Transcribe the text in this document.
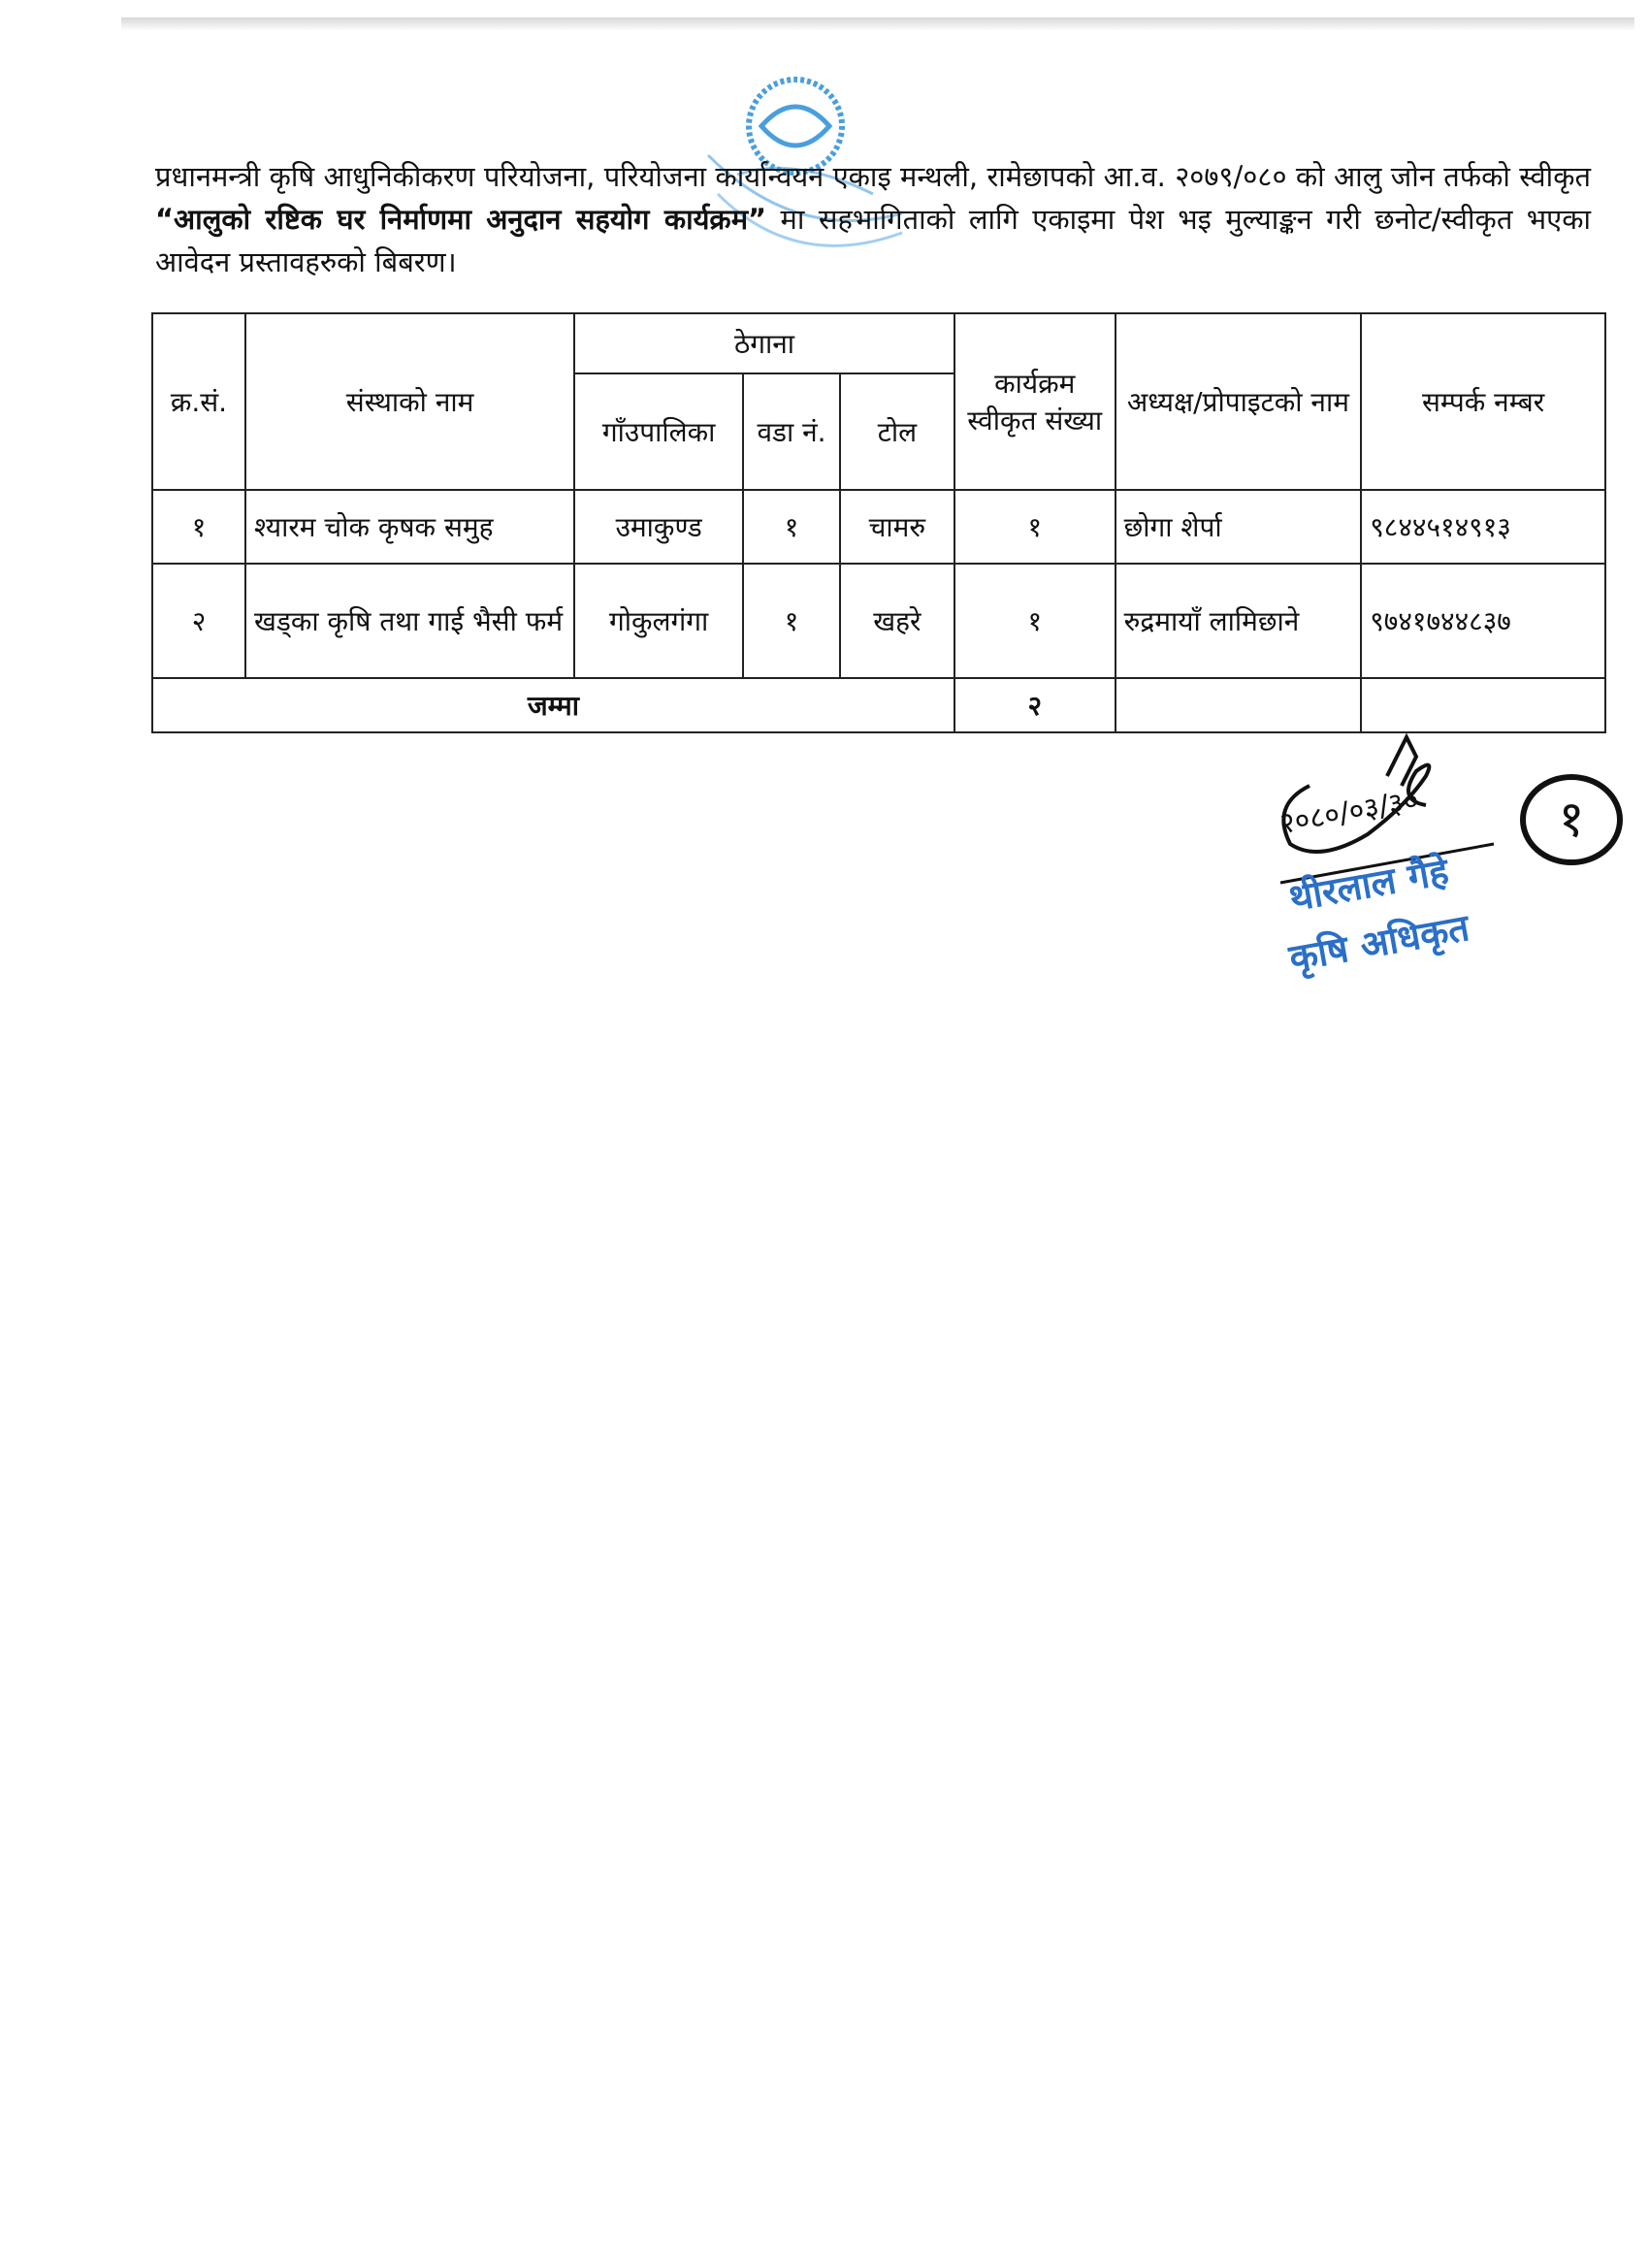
प्रधानमन्त्री कृषि आधुनिकीकरण परियोजना, परियोजना कार्यान्वयन एकाइ मन्थली, रामेछापको आ.व. २०७९/०८० को आलु जोन तर्फको स्वीकृत “आलुको रष्टिक घर निर्माणमा अनुदान सहयोग कार्यक्रम” मा सहभागिताको लागि एकाइमा पेश भइ मुल्याङ्कन गरी छनोट/स्वीकृत भएका आवेदन प्रस्तावहरुको बिबरण।
क्र.सं.	संस्थाको नाम	ठेगाना			कार्यक्रम स्वीकृत संख्या	अध्यक्ष/प्रोपाइटको नाम	सम्पर्क नम्बर
		गाँउपालिका	वडा नं.	टोल			
१	श्यारम चोक कृषक समुह	उमाकुण्ड	१	चामरु	१	छोगा शेर्पा	९८४४५१४९१३
२	खड्का कृषि तथा गाई भैसी फर्म	गोकुलगंगा	१	खहरे	१	रुद्रमायाँ लामिछाने	९७४१७४४८३७
जम्मा					२		
२०८०/०३/३०
थीरलाल गैहे
कृषि अधिकृत
१
